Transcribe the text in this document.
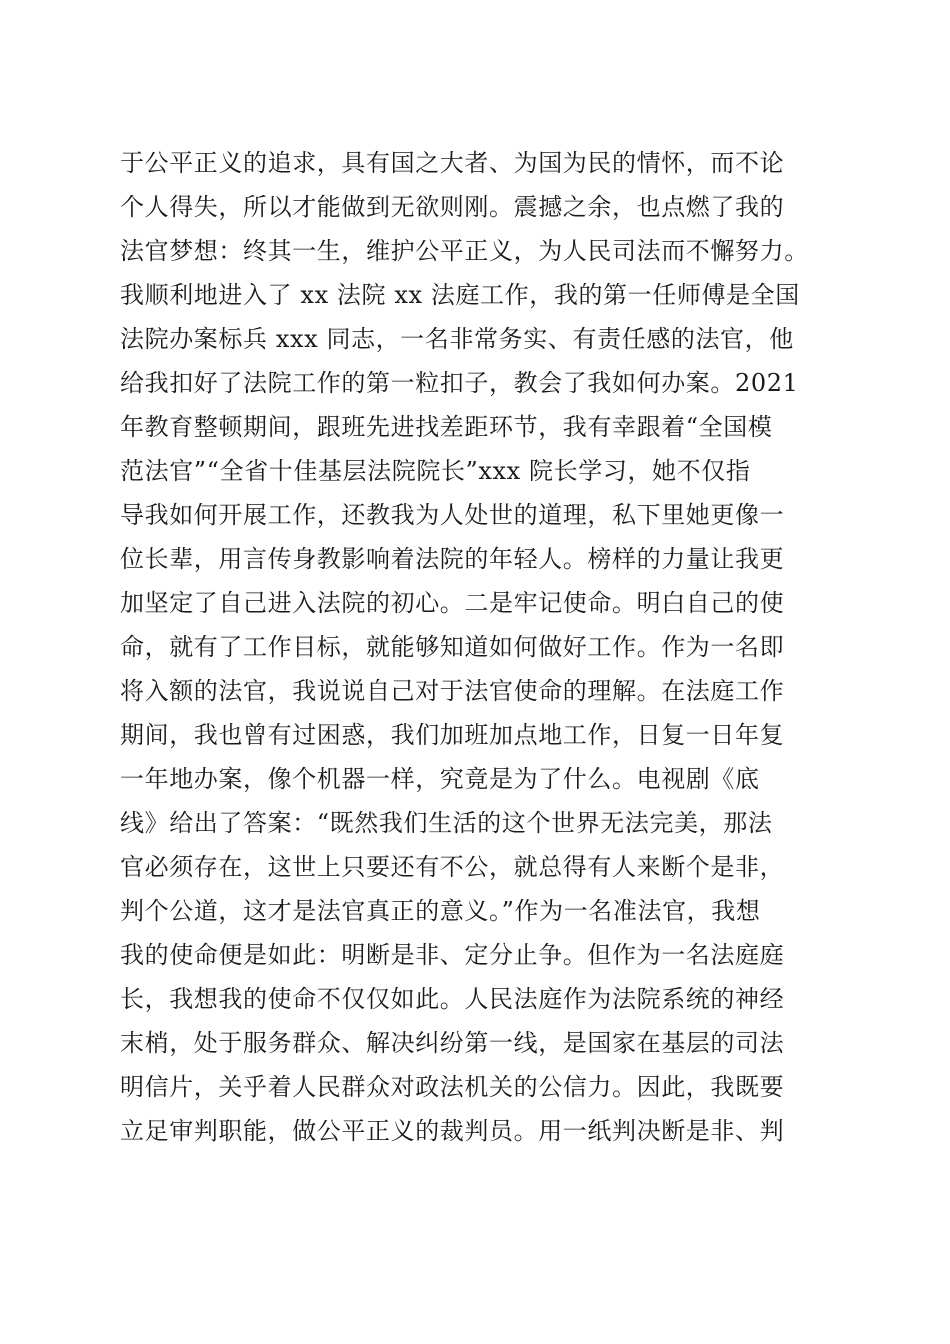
于公平正义的追求，具有国之大者、为国为民的情怀，而不论
个人得失，所以才能做到无欲则刚。震撼之余，也点燃了我的
法官梦想：终其一生，维护公平正义，为人民司法而不懈努力。
我顺利地进入了 xx 法院 xx 法庭工作，我的第一任师傅是全国
法院办案标兵 xxx 同志，一名非常务实、有责任感的法官，他
给我扣好了法院工作的第一粒扣子，教会了我如何办案。2021
年教育整顿期间，跟班先进找差距环节，我有幸跟着“全国模
范法官”“全省十佳基层法院院长”xxx 院长学习，她不仅指
导我如何开展工作，还教我为人处世的道理，私下里她更像一
位长辈，用言传身教影响着法院的年轻人。榜样的力量让我更
加坚定了自己进入法院的初心。二是牢记使命。明白自己的使
命，就有了工作目标，就能够知道如何做好工作。作为一名即
将入额的法官，我说说自己对于法官使命的理解。在法庭工作
期间，我也曾有过困惑，我们加班加点地工作，日复一日年复
一年地办案，像个机器一样，究竟是为了什么。电视剧《底
线》给出了答案：“既然我们生活的这个世界无法完美，那法
官必须存在，这世上只要还有不公，就总得有人来断个是非，
判个公道，这才是法官真正的意义。”作为一名准法官，我想
我的使命便是如此：明断是非、定分止争。但作为一名法庭庭
长，我想我的使命不仅仅如此。人民法庭作为法院系统的神经
末梢，处于服务群众、解决纠纷第一线，是国家在基层的司法
明信片，关乎着人民群众对政法机关的公信力。因此，我既要
立足审判职能，做公平正义的裁判员。用一纸判决断是非、判
